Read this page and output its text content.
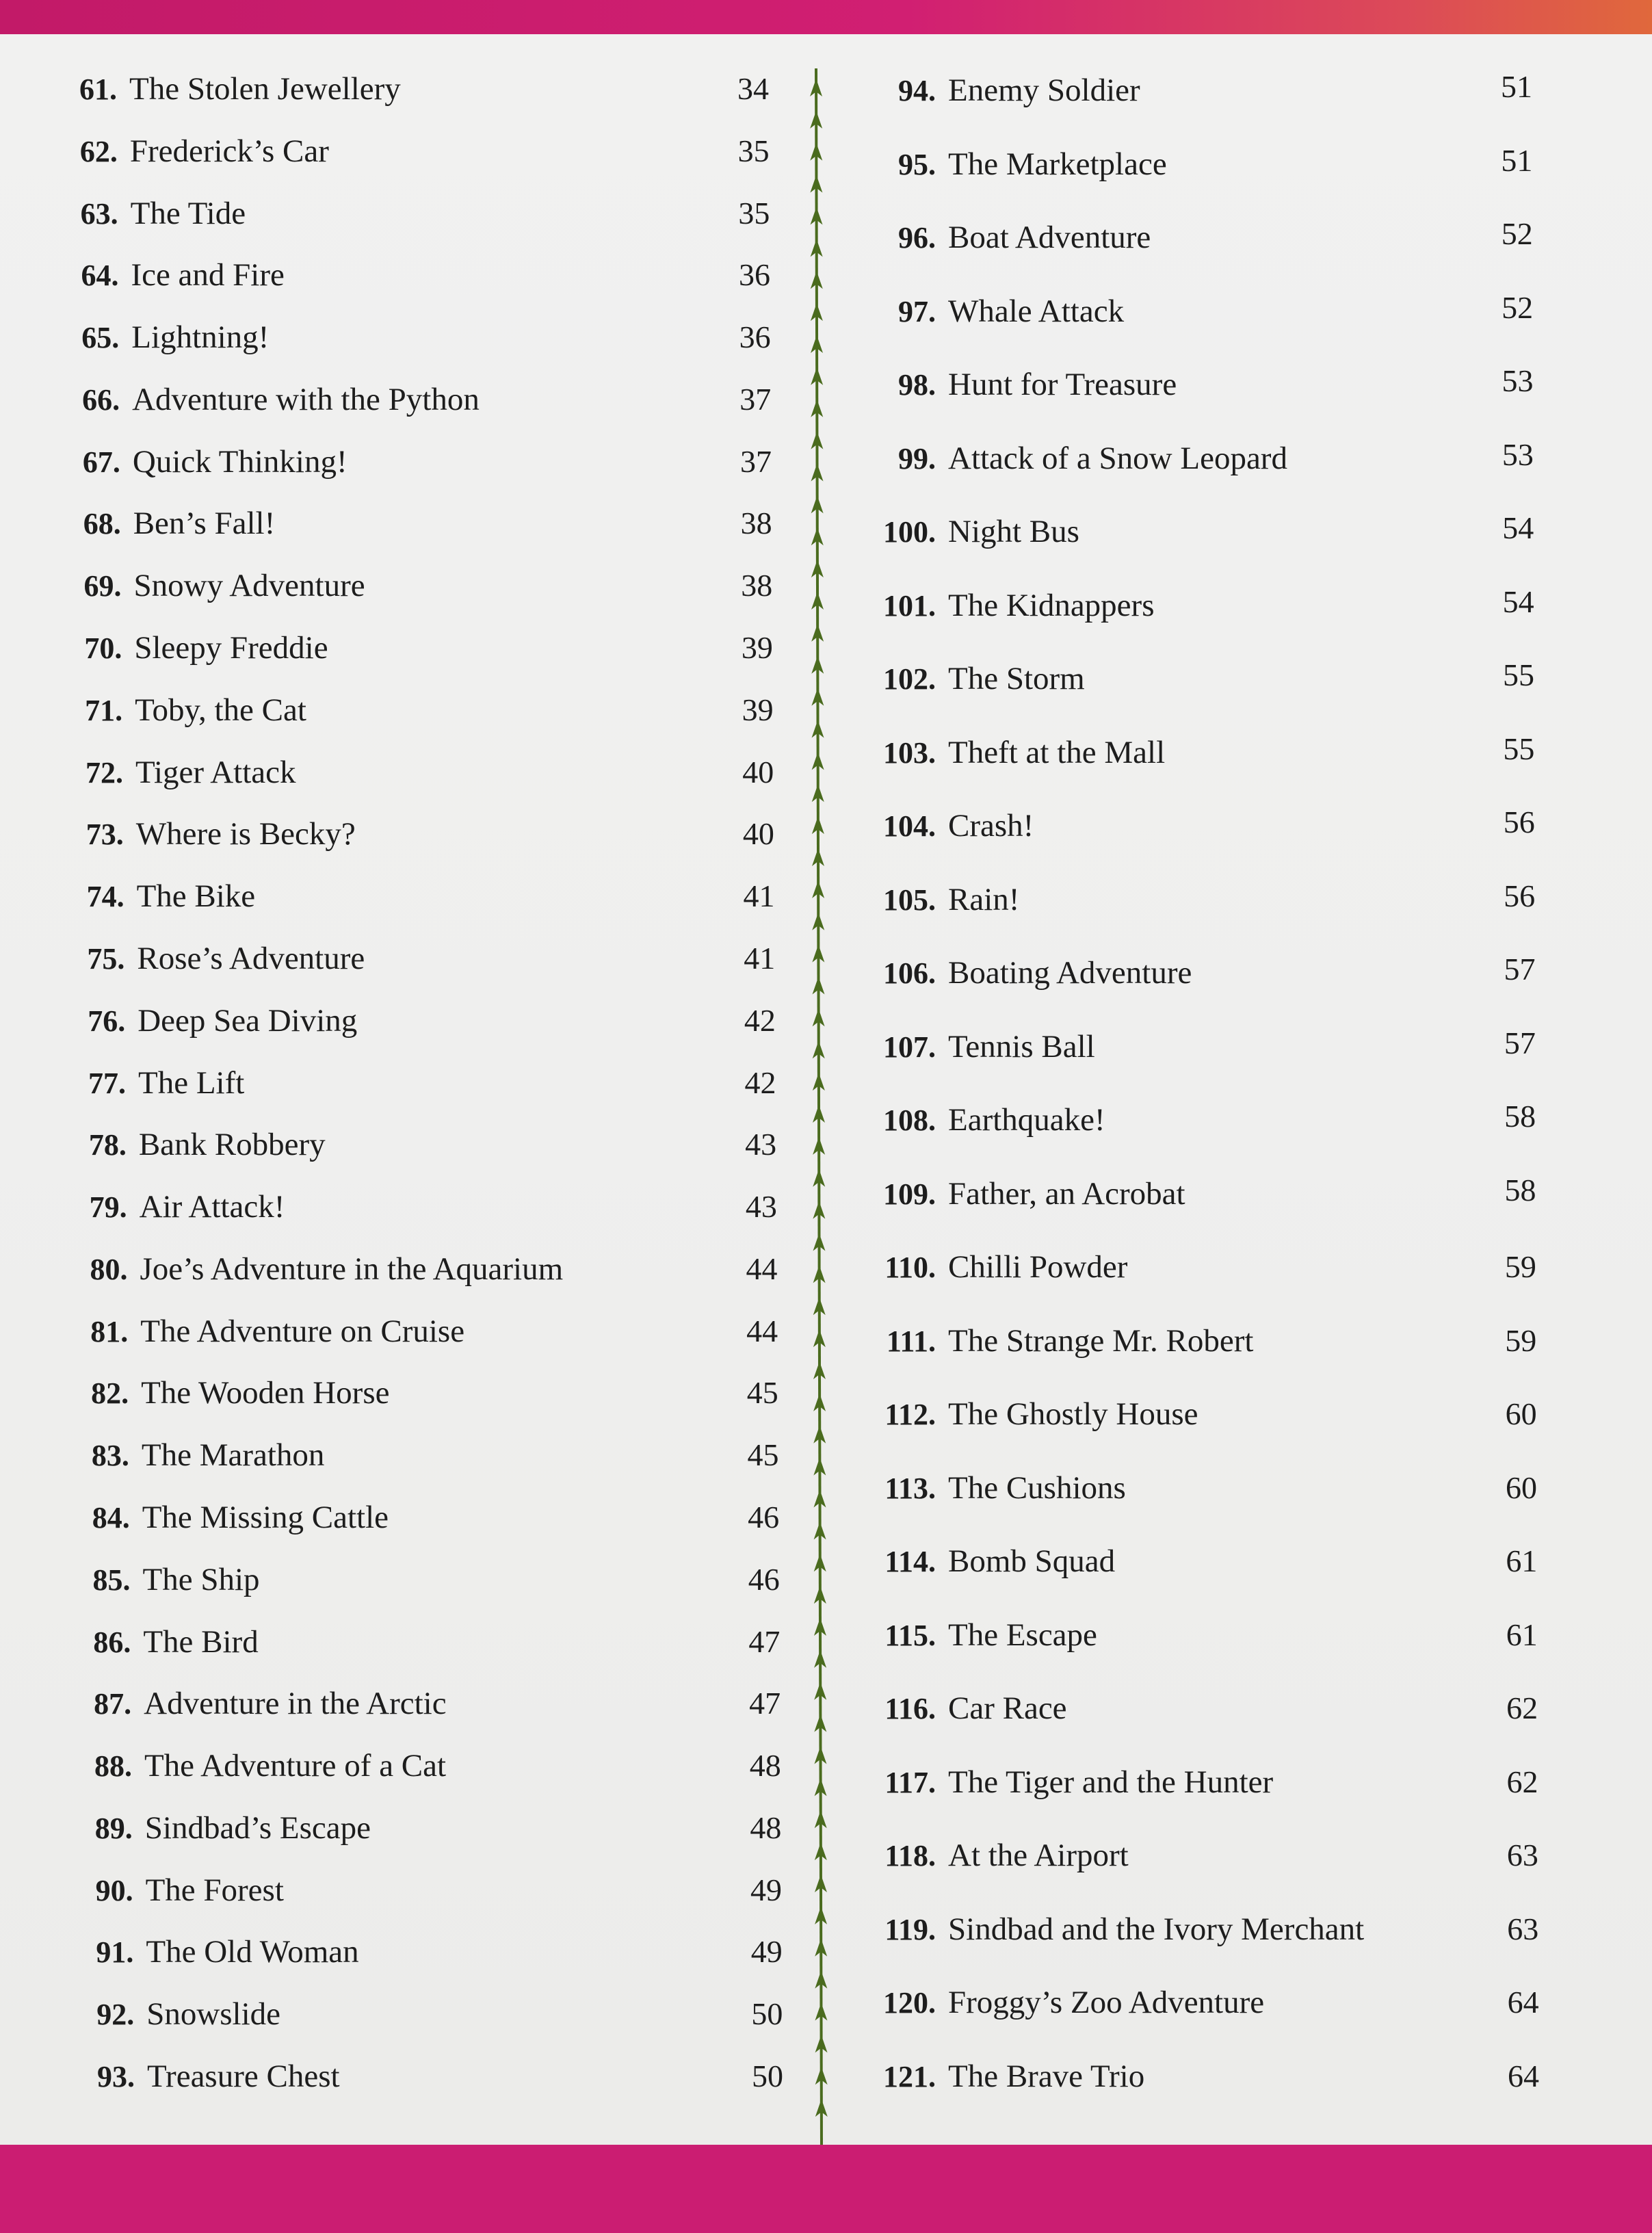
61. The Stolen Jewellery	34
62. Frederick’s Car	35
63. The Tide	35
64. Ice and Fire	36
65. Lightning!	36
66. Adventure with the Python	37
67. Quick Thinking!	37
68. Ben’s Fall!	38
69. Snowy Adventure	38
70. Sleepy Freddie	39
71. Toby, the Cat	39
72. Tiger Attack	40
73. Where is Becky?	40
74. The Bike	41
75. Rose’s Adventure	41
76. Deep Sea Diving	42
77. The Lift	42
78. Bank Robbery	43
79. Air Attack!	43
80. Joe’s Adventure in the Aquarium	44
81. The Adventure on Cruise	44
82. The Wooden Horse	45
83. The Marathon	45
84. The Missing Cattle	46
85. The Ship	46
86. The Bird	47
87. Adventure in the Arctic	47
88. The Adventure of a Cat	48
89. Sindbad’s Escape	48
90. The Forest	49
91. The Old Woman	49
92. Snowslide	50
93. Treasure Chest	50
94. Enemy Soldier	51
95. The Marketplace	51
96. Boat Adventure	52
97. Whale Attack	52
98. Hunt for Treasure	53
99. Attack of a Snow Leopard	53
100. Night Bus	54
101. The Kidnappers	54
102. The Storm	55
103. Theft at the Mall	55
104. Crash!	56
105. Rain!	56
106. Boating Adventure	57
107. Tennis Ball	57
108. Earthquake!	58
109. Father, an Acrobat	58
110. Chilli Powder	59
111. The Strange Mr. Robert	59
112. The Ghostly House	60
113. The Cushions	60
114. Bomb Squad	61
115. The Escape	61
116. Car Race	62
117. The Tiger and the Hunter	62
118. At the Airport	63
119. Sindbad and the Ivory Merchant	63
120. Froggy’s Zoo Adventure	64
121. The Brave Trio	64
